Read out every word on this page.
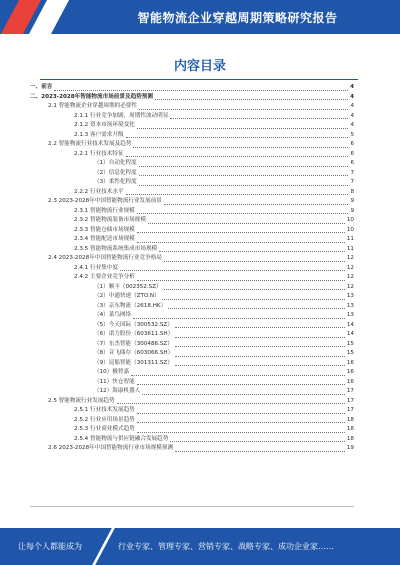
智能物流企业穿越周期策略研究报告
内容目录
一、前言	4
二、2023-2028年智能物流市场前景及趋势预测	4
2.1 智能物流企业穿越周期的必要性	4
2.1.1 行业竞争加剧，周期性波动明显	4
2.1.2 资本市场环境变化	4
2.1.3 客户需求升级	5
2.2 智能物流行业技术发展及趋势	6
2.2.1 行业技术特征	6
（1）自动化程度	6
（2）信息化程度	7
（3）柔性化程度	7
2.2.2 行业技术水平	8
2.3 2023-2028年中国智能物流行业发展前景	9
2.3.1 智能物流行业规模	9
2.3.2 智能物流装备市场规模	10
2.3.3 智能仓储市场规模	10
2.3.4 智能配送市场规模	11
2.3.5 智能物流系统集成市场规模	11
2.4 2023-2028年中国智能物流行业竞争格局	12
2.4.1 行业集中度	12
2.4.2 主要企业竞争分析	12
（1）顺丰（002352.SZ）	12
（2）中通快递（ZTO.N）	13
（3）京东物流（2618.HK）	13
（4）菜鸟网络	13
（5）今天国际（300532.SZ）	14
（6）诺力股份（603611.SH）	14
（7）东杰智能（300486.SZ）	15
（8）音飞储存（603066.SH）	15
（9）昆船智能（301311.SZ）	16
（10）极智嘉	16
（11）快仓智能	16
（12）海康机器人	17
2.5 智能物流行业发展趋势	17
2.5.1 行业技术发展趋势	17
2.5.2 行业应用场景趋势	18
2.5.3 行业商业模式趋势	18
2.5.4 智能物流与供应链融合发展趋势	18
2.6 2023-2028年中国智能物流行业市场规模预测	19
让每个人都能成为	行业专家、管理专家、营销专家、战略专家、成功企业家……
